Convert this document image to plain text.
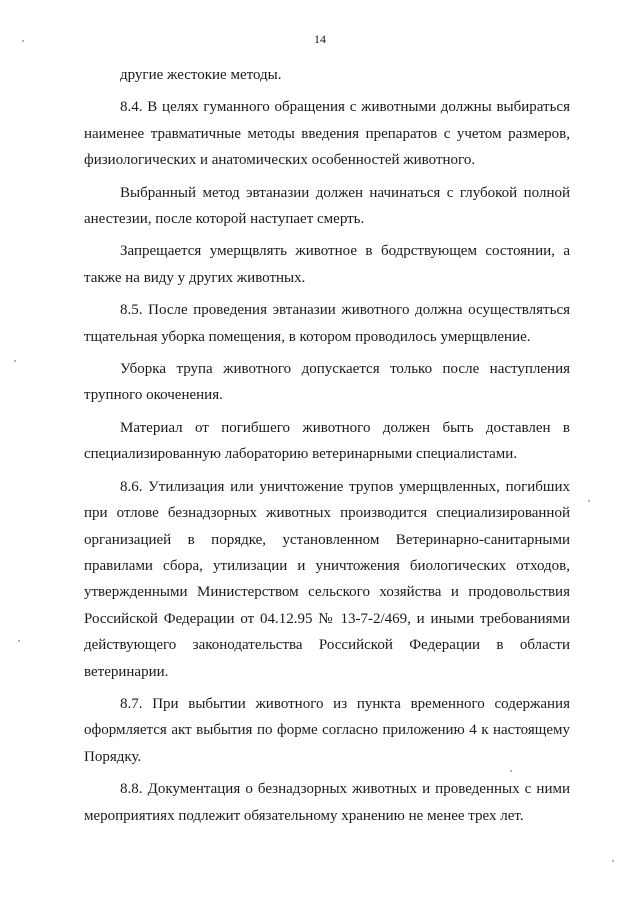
14

другие жестокие методы.

8.4. В целях гуманного обращения с животными должны выбираться наименее травматичные методы введения препаратов с учетом размеров, физиологических и анатомических особенностей животного.

Выбранный метод эвтаназии должен начинаться с глубокой полной анестезии, после которой наступает смерть.

Запрещается умерщвлять животное в бодрствующем состоянии, а также на виду у других животных.

8.5. После проведения эвтаназии животного должна осуществляться тщательная уборка помещения, в котором проводилось умерщвление.

Уборка трупа животного допускается только после наступления трупного окоченения.

Материал от погибшего животного должен быть доставлен в специализированную лабораторию ветеринарными специалистами.

8.6. Утилизация или уничтожение трупов умерщвленных, погибших при отлове безнадзорных животных производится специализированной организацией в порядке, установленном Ветеринарно-санитарными правилами сбора, утилизации и уничтожения биологических отходов, утвержденными Министерством сельского хозяйства и продовольствия Российской Федерации от 04.12.95 № 13-7-2/469, и иными требованиями действующего законодательства Российской Федерации в области ветеринарии.

8.7. При выбытии животного из пункта временного содержания оформляется акт выбытия по форме согласно приложению 4 к настоящему Порядку.

8.8. Документация о безнадзорных животных и проведенных с ними мероприятиях подлежит обязательному хранению не менее трех лет.
